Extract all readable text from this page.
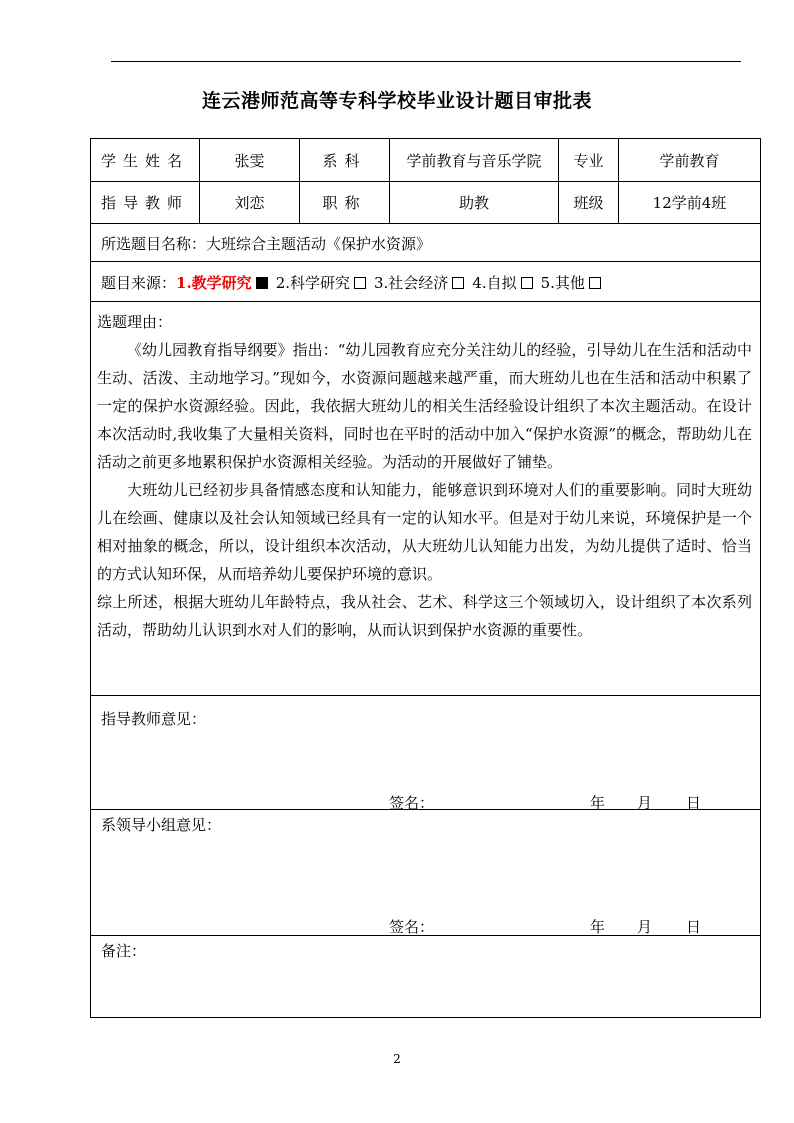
连云港师范高等专科学校毕业设计题目审批表
学生姓名	张雯	系科	学前教育与音乐学院	专业	学前教育
指导教师	刘恋	职称	助教	班级	12学前4班
所选题目名称：大班综合主题活动《保护水资源》
题目来源：1.教学研究 2.科学研究 3.社会经济 4.自拟 5.其他

选题理由：

《幼儿园教育指导纲要》指出：“幼儿园教育应充分关注幼儿的经验，引导幼儿在生活和活动中生动、活泼、主动地学习。”现如今，水资源问题越来越严重，而大班幼儿也在生活和活动中积累了一定的保护水资源经验。因此，我依据大班幼儿的相关生活经验设计组织了本次主题活动。在设计本次活动时,我收集了大量相关资料，同时也在平时的活动中加入“保护水资源”的概念，帮助幼儿在活动之前更多地累积保护水资源相关经验。为活动的开展做好了铺垫。

大班幼儿已经初步具备情感态度和认知能力，能够意识到环境对人们的重要影响。同时大班幼儿在绘画、健康以及社会认知领域已经具有一定的认知水平。但是对于幼儿来说，环境保护是一个相对抽象的概念，所以，设计组织本次活动，从大班幼儿认知能力出发，为幼儿提供了适时、恰当的方式认知环保，从而培养幼儿要保护环境的意识。

综上所述，根据大班幼儿年龄特点，我从社会、艺术、科学这三个领域切入，设计组织了本次系列活动，帮助幼儿认识到水对人们的影响，从而认识到保护水资源的重要性。

指导教师意见：
签名：	年 月 日
系领导小组意见：
签名：	年 月 日
备注：
2
